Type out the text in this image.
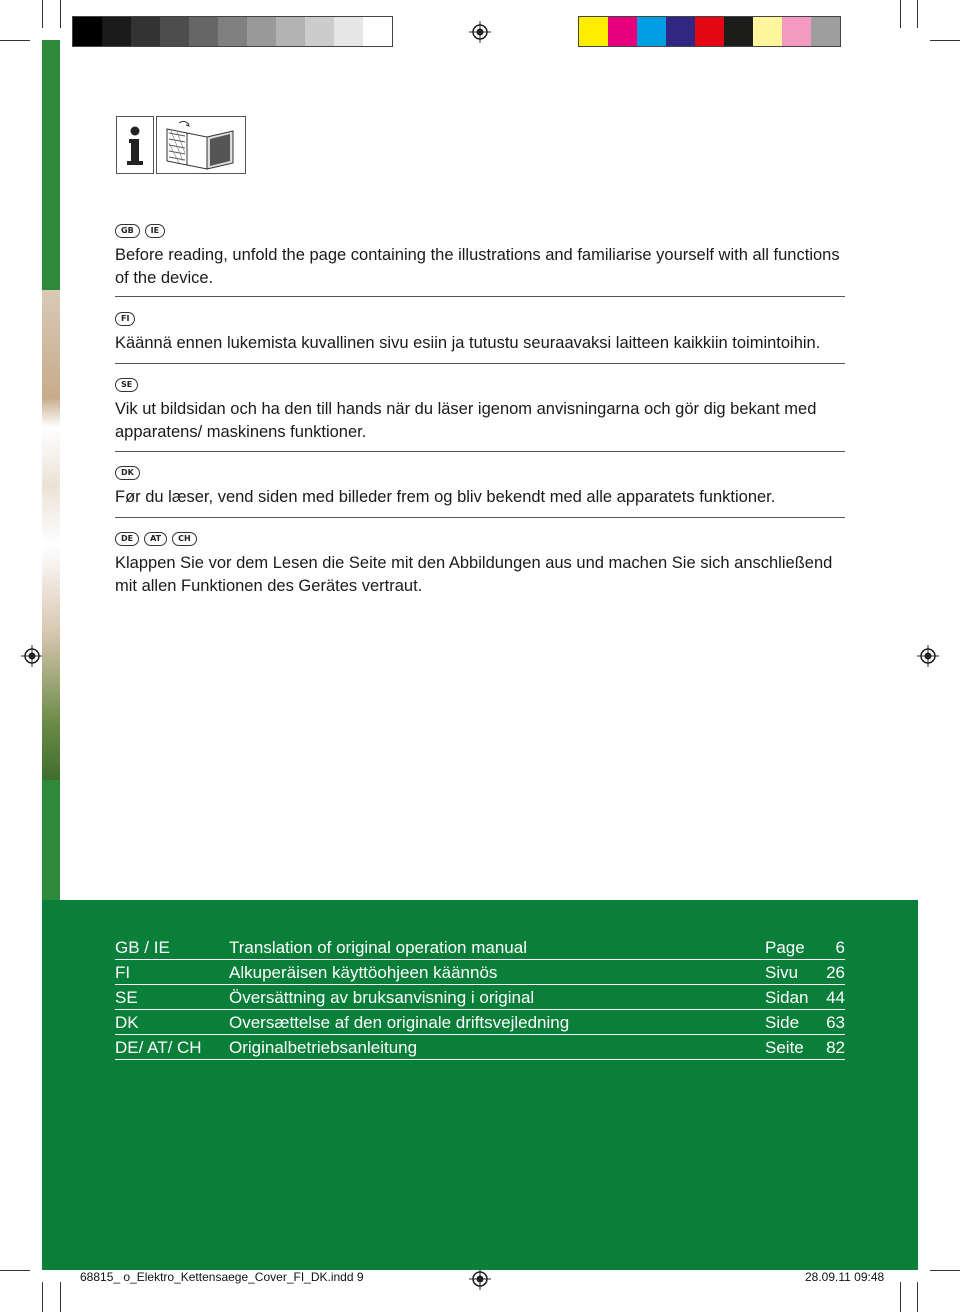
GB	IE
Before reading, unfold the page containing the illustrations and familiarise yourself with all functions of the device.
FI
Käännä ennen lukemista kuvallinen sivu esiin ja tutustu seuraavaksi laitteen kaikkiin toimintoihin.
SE
Vik ut bildsidan och ha den till hands när du läser igenom anvisningarna och gör dig bekant med apparatens/ maskinens funktioner.
DK
Før du læser, vend siden med billeder frem og bliv bekendt med alle apparatets funktioner.
DE	AT	CH
Klappen Sie vor dem Lesen die Seite mit den Abbildungen aus und machen Sie sich anschließend mit allen Funktionen des Gerätes vertraut.
GB / IE	Translation of original operation manual	Page	6
FI	Alkuperäisen käyttöohjeen käännös	Sivu	26
SE	Översättning av bruksanvisning i original	Sidan	44
DK	Oversættelse af den originale driftsvejledning	Side	63
DE/ AT/ CH	Originalbetriebsanleitung	Seite	82
68815_ o_Elektro_Kettensaege_Cover_FI_DK.indd 9	28.09.11 09:48
